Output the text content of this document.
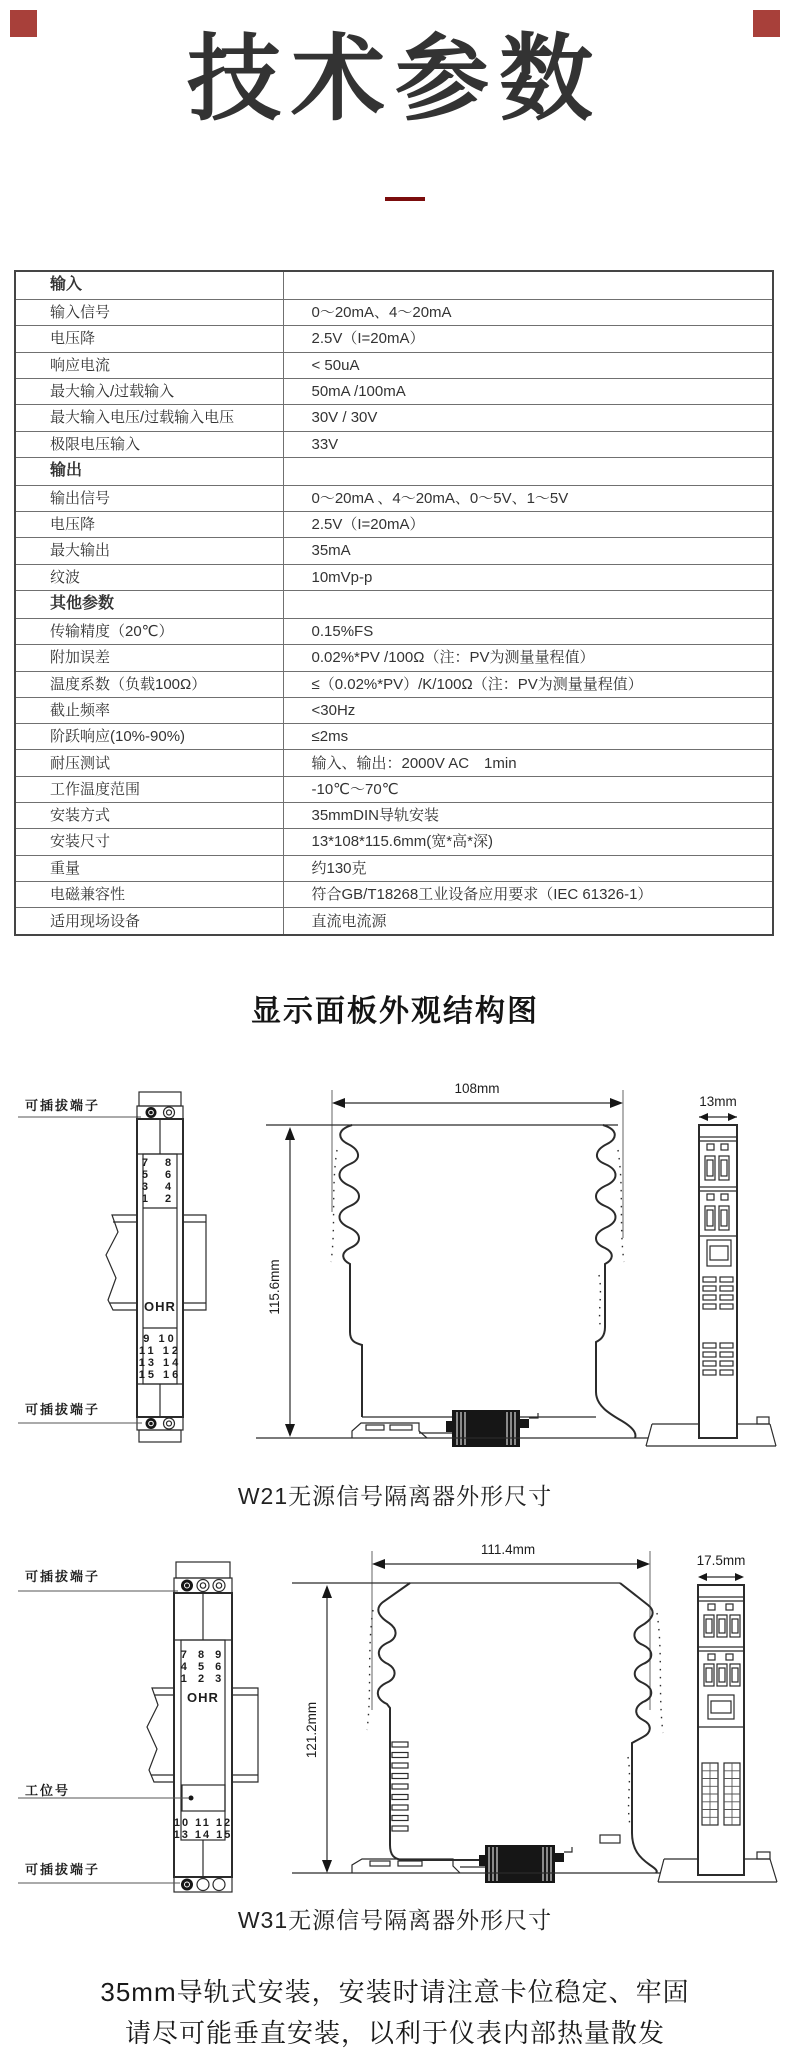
技术参数
输入	
输入信号	0～20mA、4～20mA
电压降	2.5V（I=20mA）
响应电流	< 50uA
最大输入/过载输入	50mA /100mA
最大输入电压/过载输入电压	30V / 30V
极限电压输入	33V
输出	
输出信号	0～20mA 、4～20mA、0～5V、1～5V
电压降	2.5V（I=20mA）
最大输出	35mA
纹波	10mVp-p
其他参数	
传输精度（20℃）	0.15%FS
附加误差	0.02%*PV /100Ω（注：PV为测量量程值）
温度系数（负载100Ω）	≤（0.02%*PV）/K/100Ω（注：PV为测量量程值）
截止频率	<30Hz
阶跃响应(10%-90%)	≤2ms
耐压测试	输入、输出：2000V AC　1min
工作温度范围	-10℃～70℃
安装方式	35mmDIN导轨安装
安装尺寸	13*108*115.6mm(宽*高*深)
重量	约130克
电磁兼容性	符合GB/T18268工业设备应用要求（IEC 61326-1）
适用现场设备	直流电流源
显示面板外观结构图
可插拔端子
7 8
5 6
3 4
1 2
OHR
9 10
11 12
13 14
15 16
可插拔端子
108mm
115.6mm
13mm
W21无源信号隔离器外形尺寸
可插拔端子
7 8 9
4 5 6
1 2 3
OHR
工位号
10 11 12
13 14 15
可插拔端子
111.4mm
121.2mm
17.5mm
W31无源信号隔离器外形尺寸
35mm导轨式安装，安装时请注意卡位稳定、牢固
请尽可能垂直安装，以利于仪表内部热量散发
